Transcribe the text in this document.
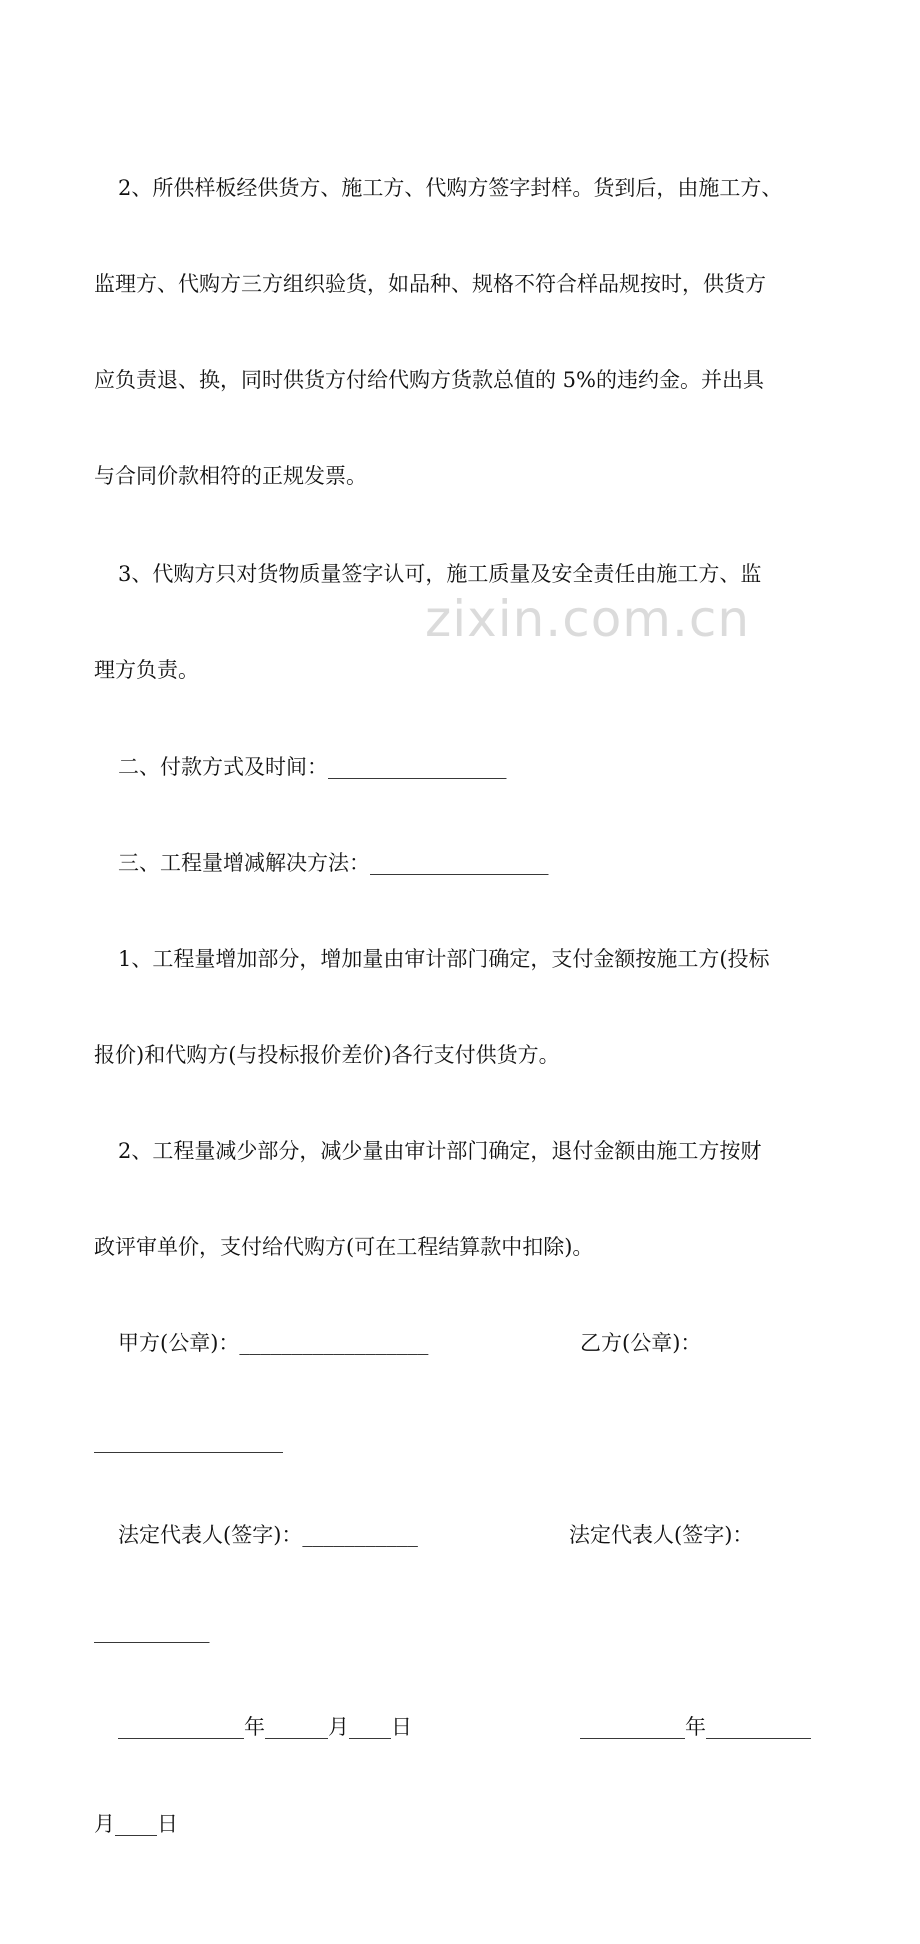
zixin.com.cn

2、所供样板经供货方、施工方、代购方签字封样。货到后，由施工方、

监理方、代购方三方组织验货，如品种、规格不符合样品规按时，供货方

应负责退、换，同时供货方付给代购方货款总值的 5%的违约金。并出具

与合同价款相符的正规发票。

3、代购方只对货物质量签字认可，施工质量及安全责任由施工方、监

理方负责。

二、付款方式及时间：_________________

三、工程量增减解决方法：_________________

1、工程量增加部分，增加量由审计部门确定，支付金额按施工方(投标

报价)和代购方(与投标报价差价)各行支付供货方。

2、工程量减少部分，减少量由审计部门确定，退付金额由施工方按财

政评审单价，支付给代购方(可在工程结算款中扣除)。

甲方(公章)：__________________

	乙方(公章)：

__________________

法定代表人(签字)：___________

	法定代表人(签字)：

___________

____________年______月____日

	__________年__________

月____日
